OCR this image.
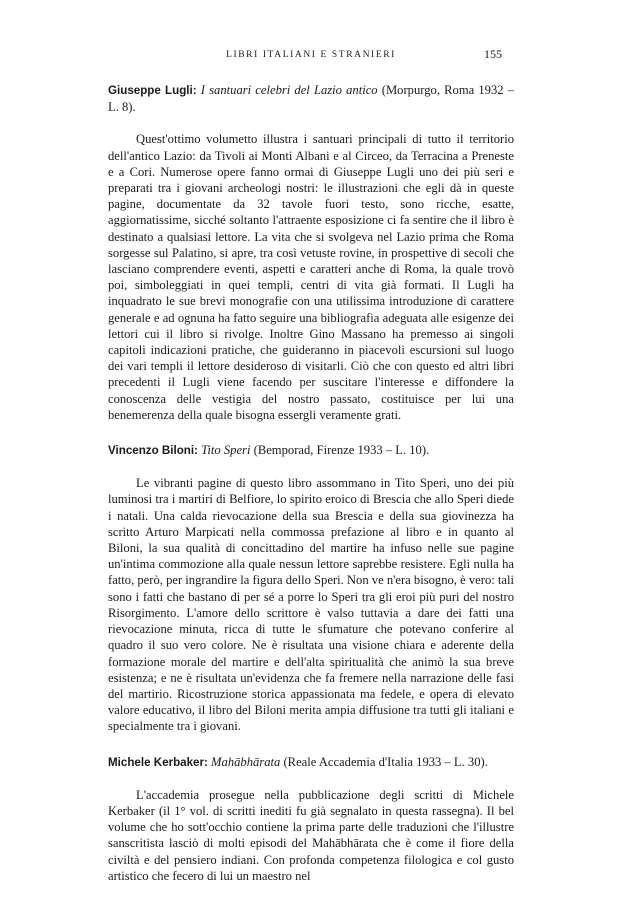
LIBRI ITALIANI E STRANIERI	155

Giuseppe Lugli: I santuari celebri del Lazio antico (Morpurgo, Roma 1932 – L. 8).

Quest'ottimo volumetto illustra i santuari principali di tutto il territorio dell'antico Lazio: da Tivoli ai Monti Albani e al Circeo, da Terracina a Preneste e a Cori. Numerose opere fanno ormai di Giuseppe Lugli uno dei più seri e preparati tra i giovani archeologi nostri: le illustrazioni che egli dà in queste pagine, documentate da 32 tavole fuori testo, sono ricche, esatte, aggiornatissime, sicché soltanto l'attraente esposizione ci fa sentire che il libro è destinato a qualsiasi lettore. La vita che si svolgeva nel Lazio prima che Roma sorgesse sul Palatino, si apre, tra così vetuste rovine, in prospettive di secoli che lasciano comprendere eventi, aspetti e caratteri anche di Roma, la quale trovò poi, simboleggiati in quei templi, centri di vita già formati. Il Lugli ha inquadrato le sue brevi monografie con una utilissima introduzione di carattere generale e ad ognuna ha fatto seguire una bibliografia adeguata alle esigenze dei lettori cui il libro si rivolge. Inoltre Gino Massano ha premesso ai singoli capitoli indicazioni pratiche, che guideranno in piacevoli escursioni sul luogo dei vari templi il lettore desideroso di visitarli. Ciò che con questo ed altri libri precedenti il Lugli viene facendo per suscitare l'interesse e diffondere la conoscenza delle vestigia del nostro passato, costituisce per lui una benemerenza della quale bisogna essergli veramente grati.

Vincenzo Biloni: Tito Speri (Bemporad, Firenze 1933 – L. 10).

Le vibranti pagine di questo libro assommano in Tito Speri, uno dei più luminosi tra i martiri di Belfiore, lo spirito eroico di Brescia che allo Speri diede i natali. Una calda rievocazione della sua Brescia e della sua giovinezza ha scritto Arturo Marpicati nella commossa prefazione al libro e in quanto al Biloni, la sua qualità di concittadino del martire ha infuso nelle sue pagine un'intima commozione alla quale nessun lettore saprebbe resistere. Egli nulla ha fatto, però, per ingrandire la figura dello Speri. Non ve n'era bisogno, è vero: tali sono i fatti che bastano di per sé a porre lo Speri tra gli eroi più puri del nostro Risorgimento. L'amore dello scrittore è valso tuttavia a dare dei fatti una rievocazione minuta, ricca di tutte le sfumature che potevano conferire al quadro il suo vero colore. Ne è risultata una visione chiara e aderente della formazione morale del martire e dell'alta spiritualità che animò la sua breve esistenza; e ne è risultata un'evidenza che fa fremere nella narrazione delle fasi del martirio. Ricostruzione storica appassionata ma fedele, e opera di elevato valore educativo, il libro del Biloni merita ampia diffusione tra tutti gli italiani e specialmente tra i giovani.

Michele Kerbaker: Mahābhārata (Reale Accademia d'Italia 1933 – L. 30).

L'accademia prosegue nella pubblicazione degli scritti di Michele Kerbaker (il 1° vol. di scritti inediti fu già segnalato in questa rassegna). Il bel volume che ho sott'occhio contiene la prima parte delle traduzioni che l'illustre sanscritista lasciò di molti episodi del Mahābhārata che è come il fiore della civiltà e del pensiero indiani. Con profonda competenza filologica e col gusto artistico che fecero di lui un maestro nel
